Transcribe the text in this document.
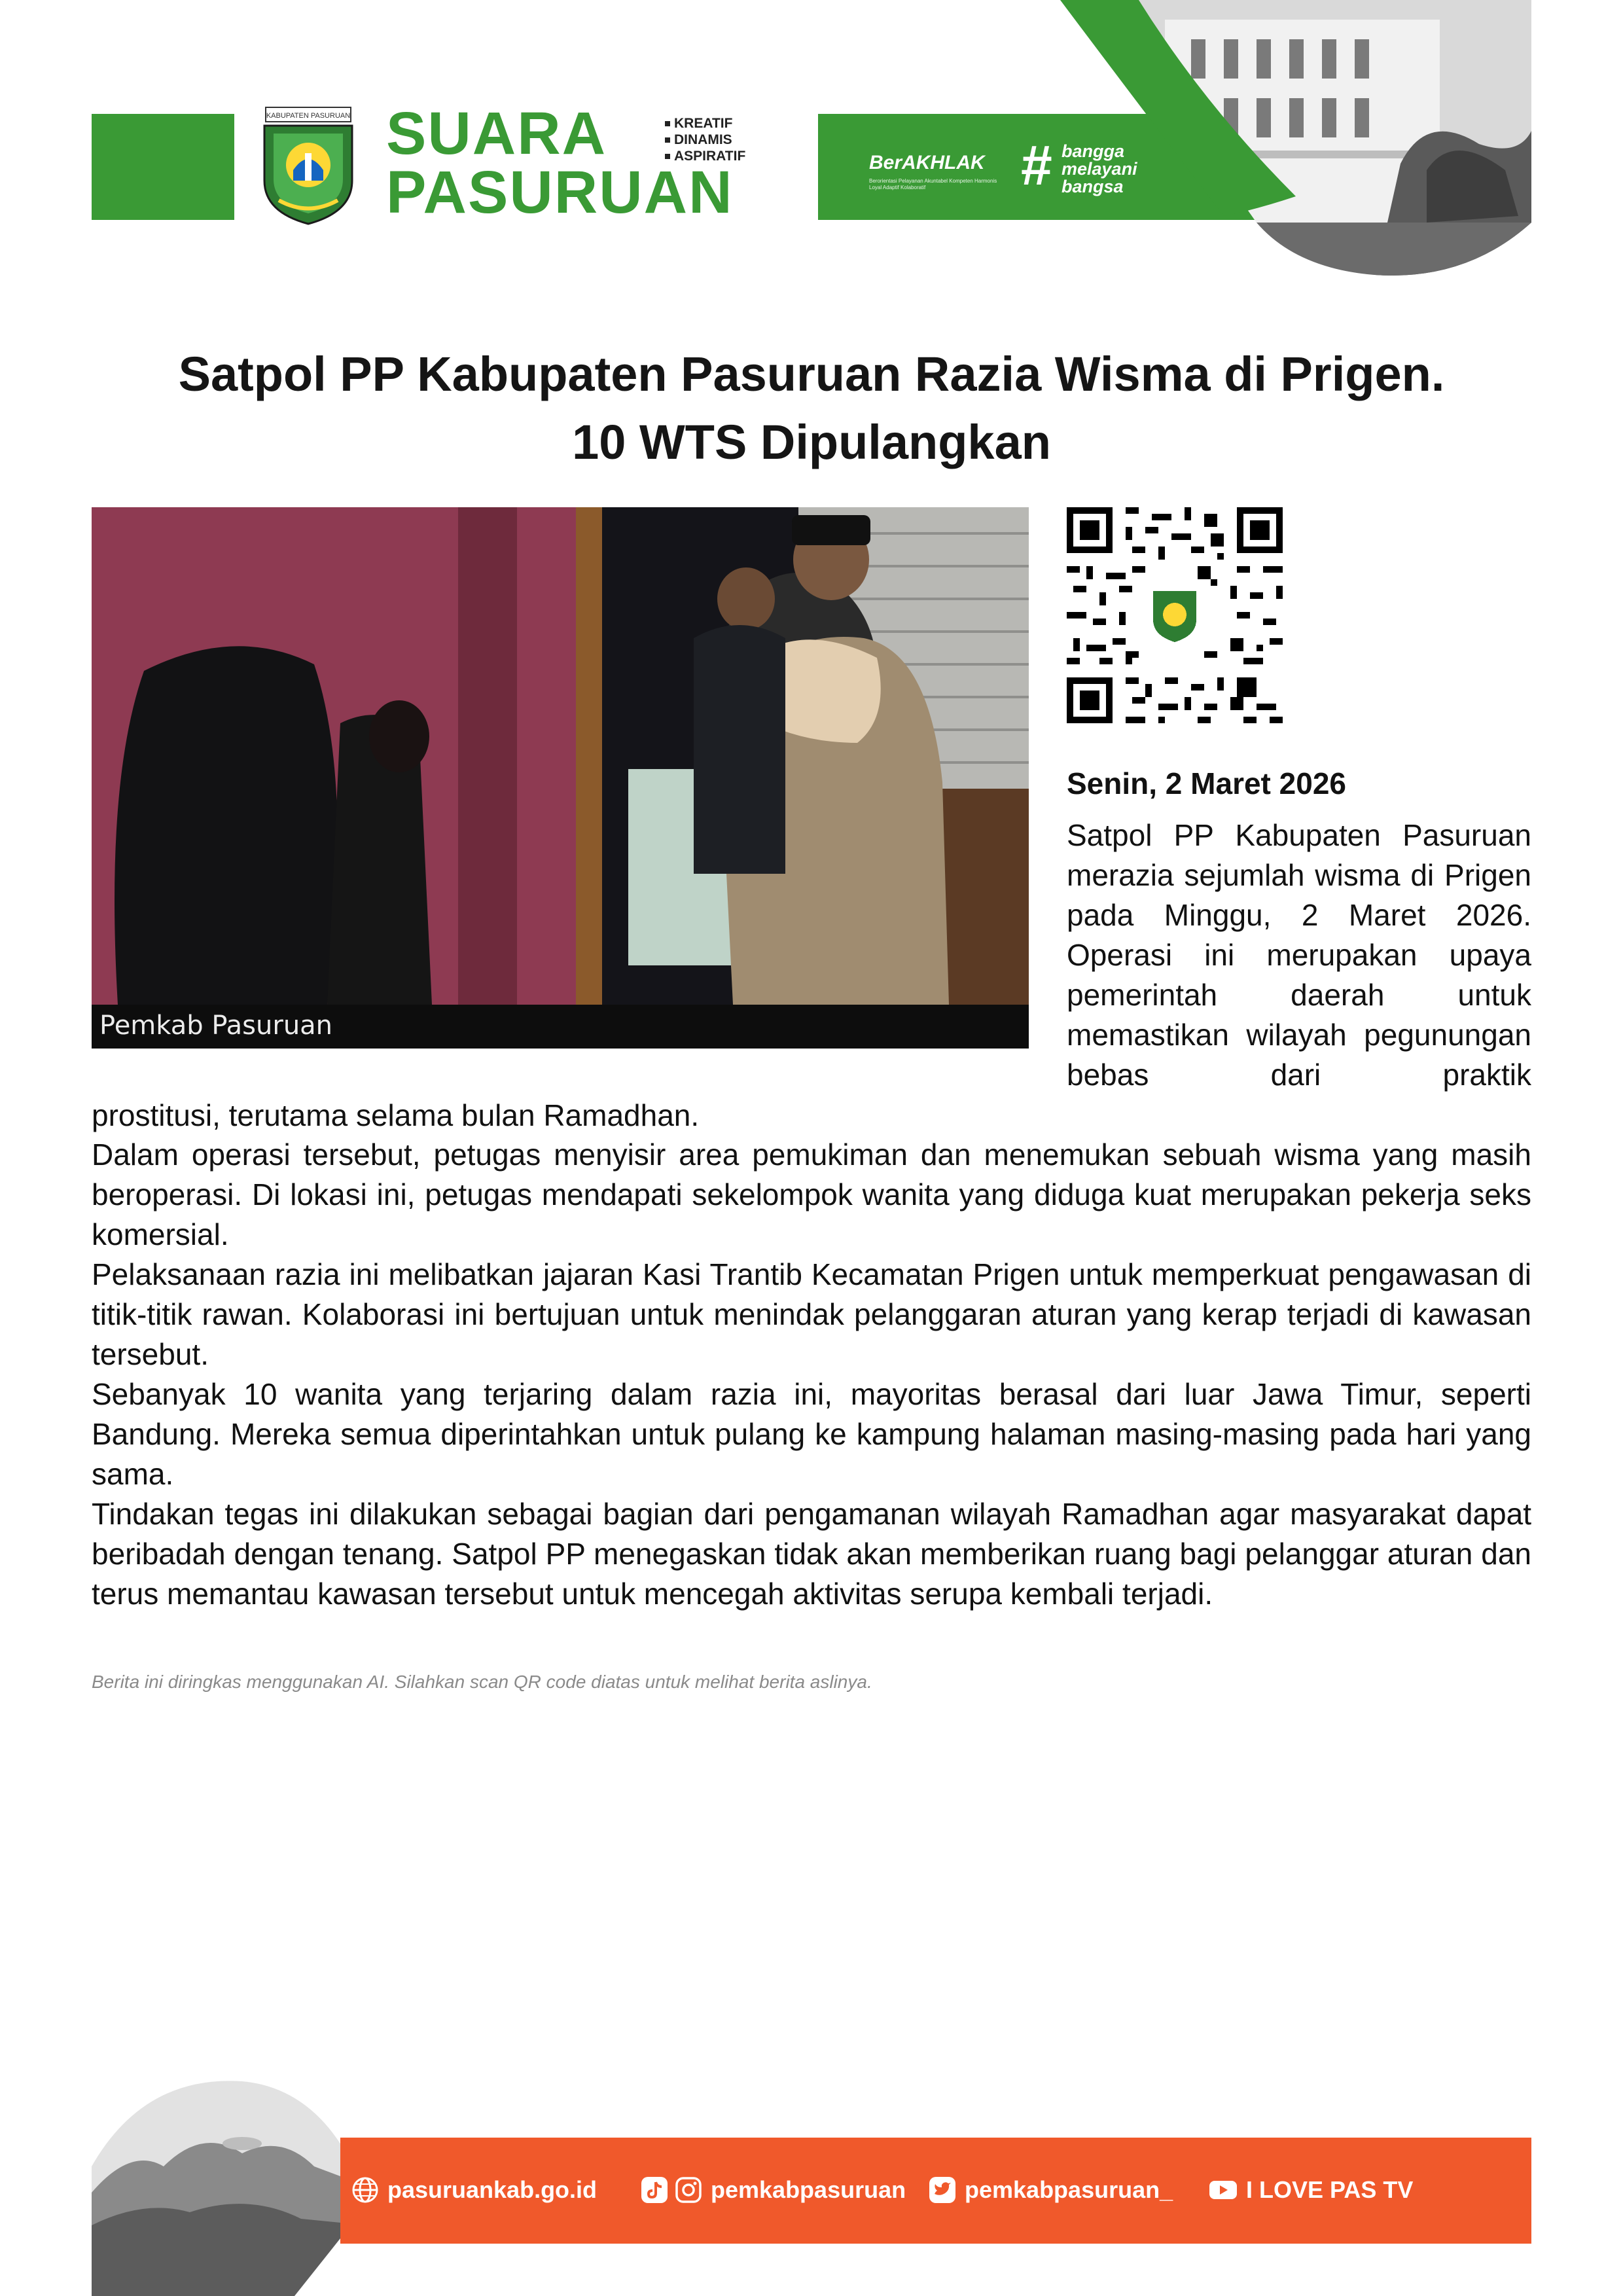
KABUPATEN PASURUAN SUARA
PASURUAN
KREATIF
DINAMIS
ASPIRATIF	BerAKHLAK
Berorientasi Pelayanan Akuntabel Kompeten Harmonis Loyal Adaptif Kolaboratif	# bangga
melayani
bangsa
Satpol PP Kabupaten Pasuruan Razia Wisma di Prigen.
10 WTS Dipulangkan
Pemkab Pasuruan
Senin, 2 Maret 2026
Satpol PP Kabupaten Pasuruan merazia sejumlah wisma di Prigen pada Minggu, 2 Maret 2026. Operasi ini merupakan upaya pemerintah daerah untuk memastikan wilayah pegunungan bebas dari praktik
prostitusi, terutama selama bulan Ramadhan.
Dalam operasi tersebut, petugas menyisir area pemukiman dan menemukan sebuah wisma yang masih beroperasi. Di lokasi ini, petugas mendapati sekelompok wanita yang diduga kuat merupakan pekerja seks komersial.
Pelaksanaan razia ini melibatkan jajaran Kasi Trantib Kecamatan Prigen untuk memperkuat pengawasan di titik-titik rawan. Kolaborasi ini bertujuan untuk menindak pelanggaran aturan yang kerap terjadi di kawasan tersebut.
Sebanyak 10 wanita yang terjaring dalam razia ini, mayoritas berasal dari luar Jawa Timur, seperti Bandung. Mereka semua diperintahkan untuk pulang ke kampung halaman masing-masing pada hari yang sama.
Tindakan tegas ini dilakukan sebagai bagian dari pengamanan wilayah Ramadhan agar masyarakat dapat beribadah dengan tenang. Satpol PP menegaskan tidak akan memberikan ruang bagi pelanggar aturan dan terus memantau kawasan tersebut untuk mencegah aktivitas serupa kembali terjadi.
Berita ini diringkas menggunakan AI. Silahkan scan QR code diatas untuk melihat berita aslinya.
pasuruankab.go.id	pemkabpasuruan pemkabpasuruan_	I LOVE PAS TV
